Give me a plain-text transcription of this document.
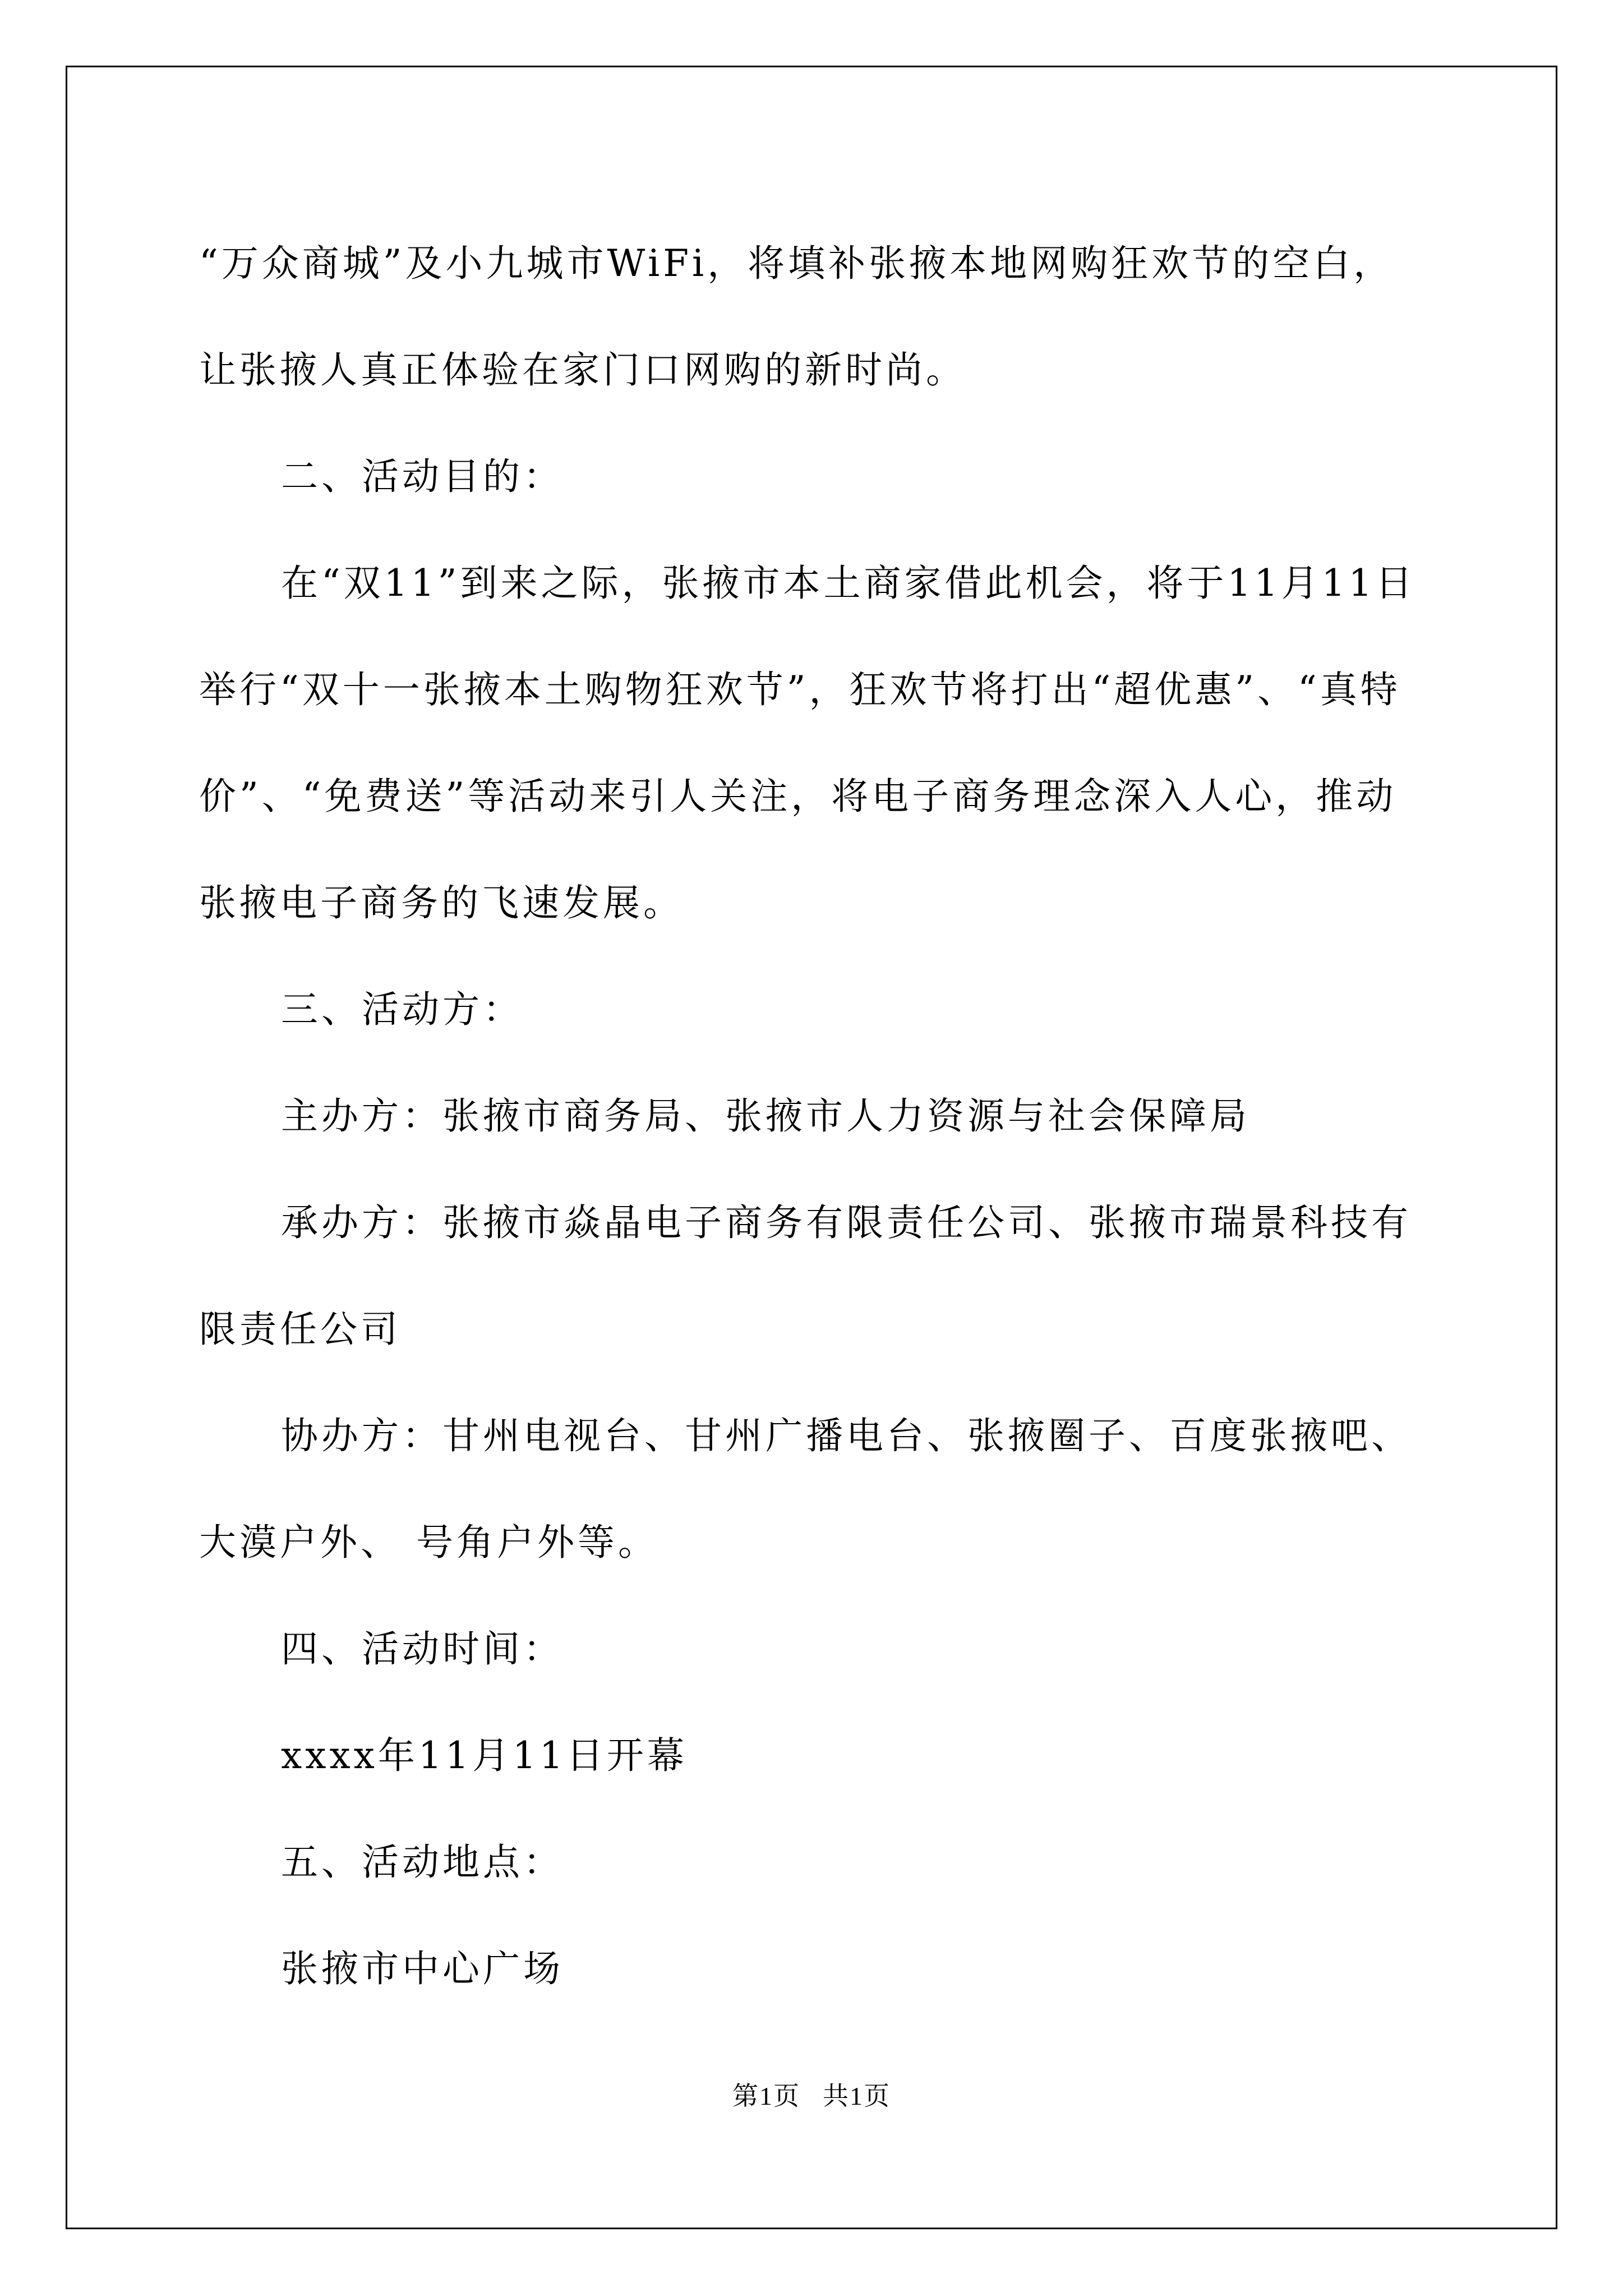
“万众商城”及小九城市WiFi，将填补张掖本地网购狂欢节的空白，让张掖人真正体验在家门口网购的新时尚。

二、活动目的：

在“双11”到来之际，张掖市本土商家借此机会，将于11月11日举行“双十一张掖本土购物狂欢节”，狂欢节将打出“超优惠”、“真特价”、“免费送”等活动来引人关注，将电子商务理念深入人心，推动张掖电子商务的飞速发展。

三、活动方：

主办方：张掖市商务局、张掖市人力资源与社会保障局

承办方：张掖市焱晶电子商务有限责任公司、张掖市瑞景科技有限责任公司

协办方：甘州电视台、甘州广播电台、张掖圈子、百度张掖吧、大漠户外、 号角户外等。

四、活动时间：

xxxx年11月11日开幕

五、活动地点：

张掖市中心广场

第1页 共1页
